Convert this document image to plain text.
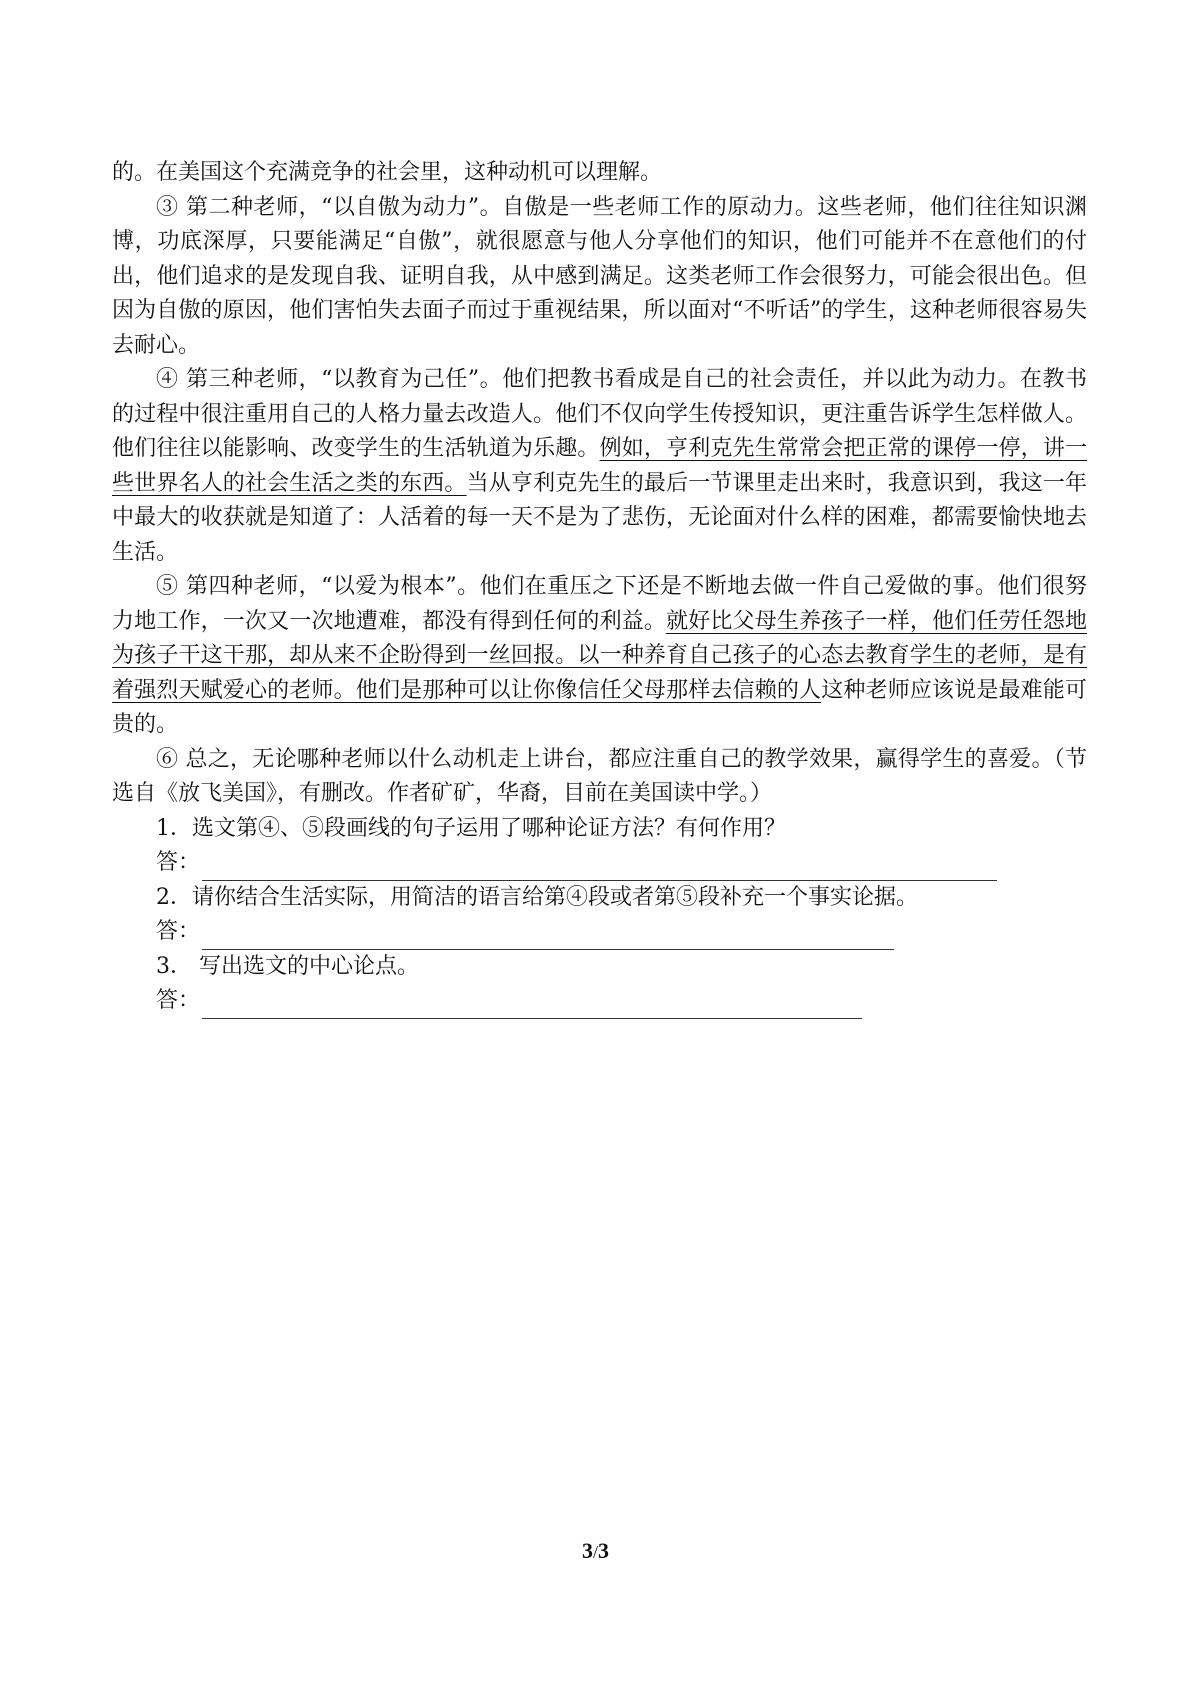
的。在美国这个充满竞争的社会里，这种动机可以理解。

③ 第二种老师，“以自傲为动力”。自傲是一些老师工作的原动力。这些老师，他们往往知识渊博，功底深厚，只要能满足“自傲”，就很愿意与他人分享他们的知识，他们可能并不在意他们的付出，他们追求的是发现自我、证明自我，从中感到满足。这类老师工作会很努力，可能会很出色。但因为自傲的原因，他们害怕失去面子而过于重视结果，所以面对“不听话”的学生，这种老师很容易失去耐心。

④ 第三种老师，“以教育为己任”。他们把教书看成是自己的社会责任，并以此为动力。在教书的过程中很注重用自己的人格力量去改造人。他们不仅向学生传授知识，更注重告诉学生怎样做人。他们往往以能影响、改变学生的生活轨道为乐趣。例如，亨利克先生常常会把正常的课停一停，讲一些世界名人的社会生活之类的东西。当从亨利克先生的最后一节课里走出来时，我意识到，我这一年中最大的收获就是知道了：人活着的每一天不是为了悲伤，无论面对什么样的困难，都需要愉快地去生活。

⑤ 第四种老师，“以爱为根本”。他们在重压之下还是不断地去做一件自己爱做的事。他们很努力地工作，一次又一次地遭难，都没有得到任何的利益。就好比父母生养孩子一样，他们任劳任怨地为孩子干这干那，却从来不企盼得到一丝回报。以一种养育自己孩子的心态去教育学生的老师，是有着强烈天赋爱心的老师。他们是那种可以让你像信任父母那样去信赖的人这种老师应该说是最难能可贵的。

⑥ 总之，无论哪种老师以什么动机走上讲台，都应注重自己的教学效果，赢得学生的喜爱。（节选自《放飞美国》，有删改。作者矿矿，华裔，目前在美国读中学。）

1．选文第④、⑤段画线的句子运用了哪种论证方法？有何作用？

答：

2．请你结合生活实际，用简洁的语言给第④段或者第⑤段补充一个事实论据。

答：

3． 写出选文的中心论点。

答：
3/3
